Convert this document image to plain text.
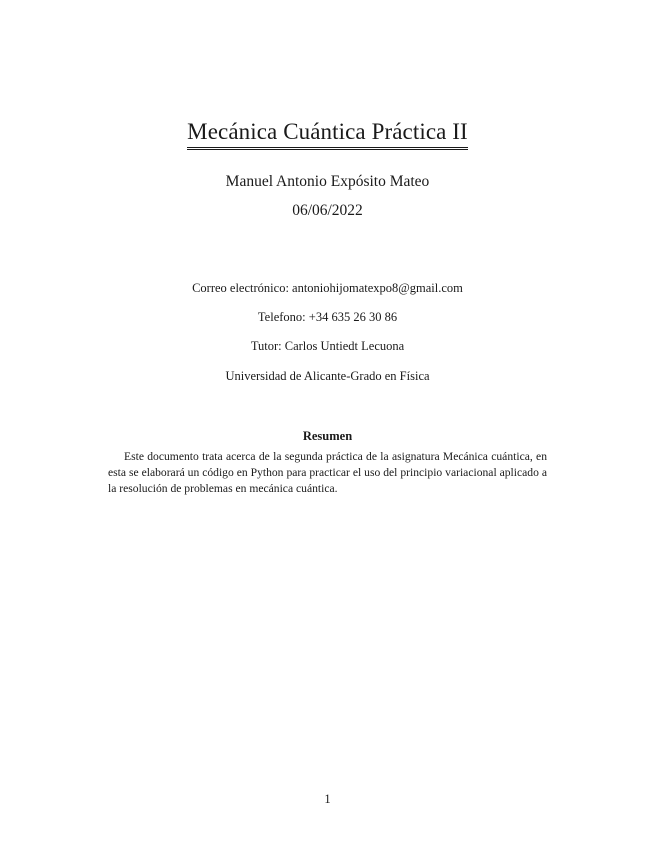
Mecánica Cuántica Práctica II
Manuel Antonio Expósito Mateo
06/06/2022
Correo electrónico: antoniohijomatexpo8@gmail.com
Telefono: +34 635 26 30 86
Tutor: Carlos Untiedt Lecuona
Universidad de Alicante-Grado en Física
Resumen

Este documento trata acerca de la segunda práctica de la asignatura Mecánica cuántica, en esta se elaborará un código en Python para practicar el uso del principio variacional aplicado a la resolución de problemas en mecánica cuántica.

1
